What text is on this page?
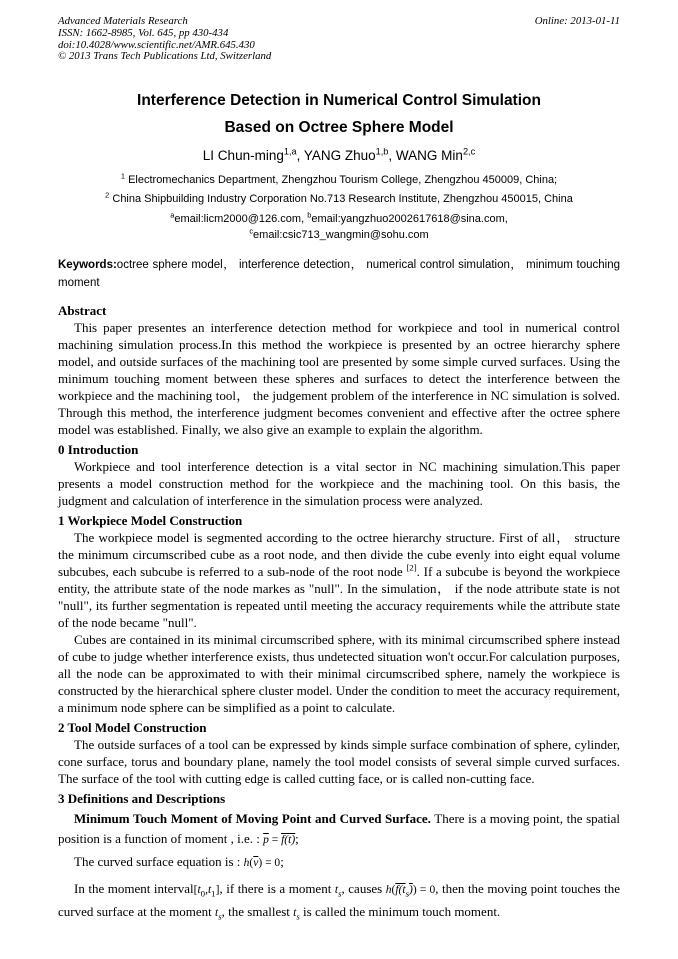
Advanced Materials Research
ISSN: 1662-8985, Vol. 645, pp 430-434
doi:10.4028/www.scientific.net/AMR.645.430
© 2013 Trans Tech Publications Ltd, Switzerland
Online: 2013-01-11
Interference Detection in Numerical Control Simulation
Based on Octree Sphere Model
LI Chun-ming$^{1,a}$, YANG Zhuo$^{1,b}$, WANG Min$^{2,c}$
$^1$ Electromechanics Department, Zhengzhou Tourism College, Zhengzhou 450009, China;
$^2$ China Shipbuilding Industry Corporation No.713 Research Institute, Zhengzhou 450015, China
$^a$email:licm2000@126.com, $^b$email:yangzhuo2002617618@sina.com,
$^c$email:csic713_wangmin@sohu.com
Keywords:octree sphere model， interference detection， numerical control simulation， minimum touching moment
Abstract

This paper presentes an interference detection method for workpiece and tool in numerical control machining simulation process.In this method the workpiece is presented by an octree hierarchy sphere model, and outside surfaces of the machining tool are presented by some simple curved surfaces. Using the minimum touching moment between these spheres and surfaces to detect the interference between the workpiece and the machining tool， the judgement problem of the interference in NC simulation is solved. Through this method, the interference judgment becomes convenient and effective after the octree sphere model was established. Finally, we also give an example to explain the algorithm.

0 Introduction

Workpiece and tool interference detection is a vital sector in NC machining simulation.This paper presents a model construction method for the workpiece and the machining tool. On this basis, the judgment and calculation of interference in the simulation process were analyzed.

1 Workpiece Model Construction

The workpiece model is segmented according to the octree hierarchy structure. First of all， structure the minimum circumscribed cube as a root node, and then divide the cube evenly into eight equal volume subcubes, each subcube is referred to a sub-node of the root node [2]. If a subcube is beyond the workpiece entity, the attribute state of the node markes as "null". In the simulation， if the node attribute state is not "null", its further segmentation is repeated until meeting the accuracy requirements while the attribute state of the node became "null".

Cubes are contained in its minimal circumscribed sphere, with its minimal circumscribed sphere instead of cube to judge whether interference exists, thus undetected situation won't occur.For calculation purposes, all the node can be approximated to with their minimal circumscribed sphere, namely the workpiece is constructed by the hierarchical sphere cluster model. Under the condition to meet the accuracy requirement, a minimum node sphere can be simplified as a point to calculate.

2 Tool Model Construction

The outside surfaces of a tool can be expressed by kinds simple surface combination of sphere, cylinder, cone surface, torus and boundary plane, namely the tool model consists of several simple curved surfaces. The surface of the tool with cutting edge is called cutting face, or is called non-cutting face.

3 Definitions and Descriptions

Minimum Touch Moment of Moving Point and Curved Surface. There is a moving point, the spatial position is a function of moment , i.e. : $\overline{p} = f(t)$;

The curved surface equation is : $h(\overline{v}) = 0$;

In the moment $interval[t_0,t_1]$, if there is a moment $t_s$, causes $h(f(t_s)) = 0$, then the moving point touches the curved surface at the moment $t_s$, the smallest $t_s$ is called the minimum touch moment.
